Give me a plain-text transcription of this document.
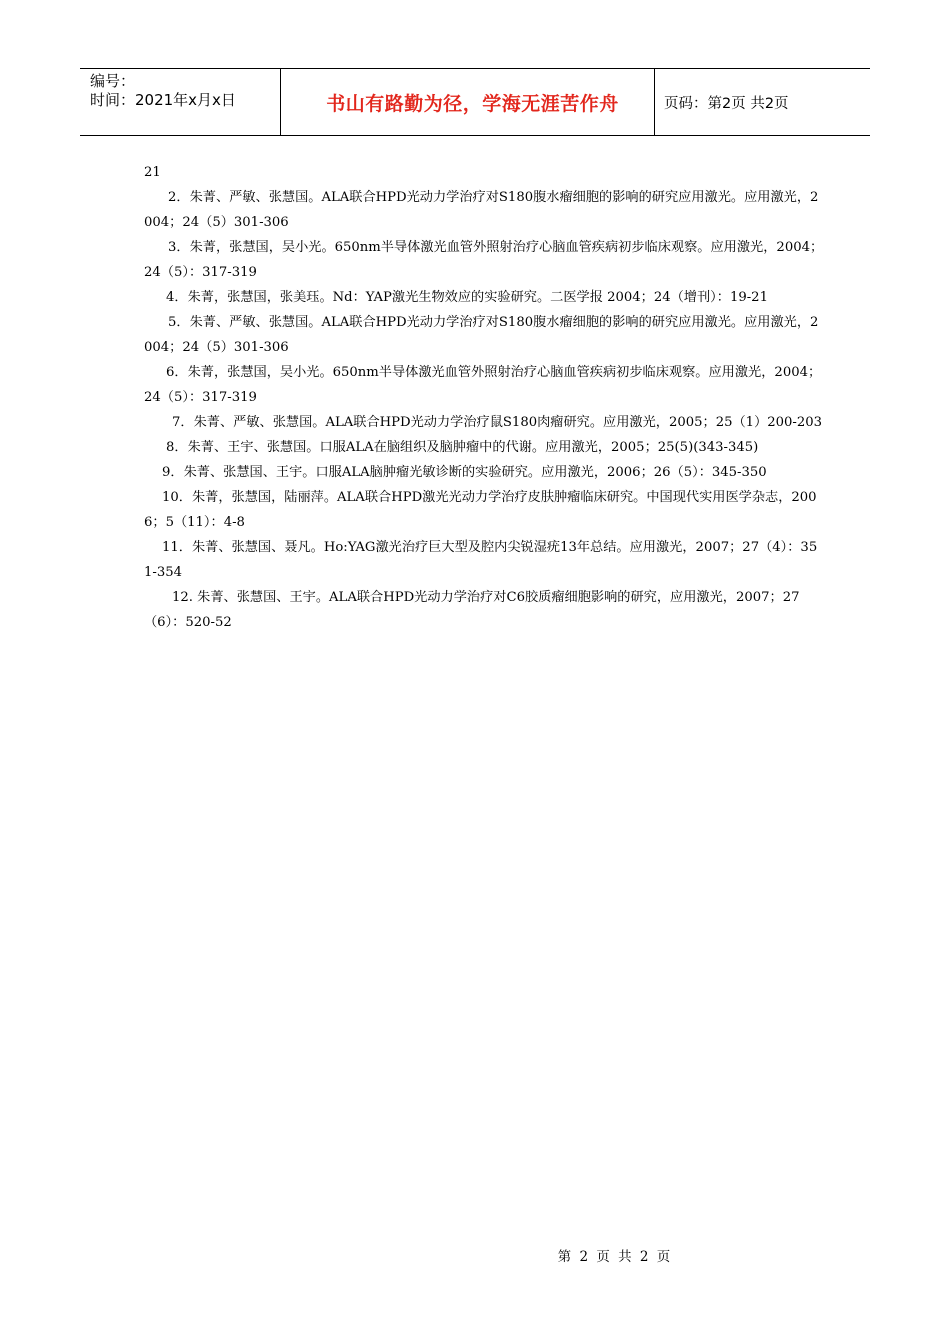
编号：
时间：2021年x月x日	书山有路勤为径，学海无涯苦作舟	页码：第2页 共2页

21

2．朱菁、严敏、张慧国。ALA联合HPD光动力学治疗对S180腹水瘤细胞的影响的研究应用激光。应用激光，2004；24（5）301-306

3．朱菁，张慧国，吴小光。650nm半导体激光血管外照射治疗心脑血管疾病初步临床观察。应用激光，2004；24（5）：317-319

4．朱菁，张慧国，张美珏。Nd：YAP激光生物效应的实验研究。二医学报 2004；24（增刊）：19-21

5．朱菁、严敏、张慧国。ALA联合HPD光动力学治疗对S180腹水瘤细胞的影响的研究应用激光。应用激光，2004；24（5）301-306

6．朱菁，张慧国，吴小光。650nm半导体激光血管外照射治疗心脑血管疾病初步临床观察。应用激光，2004；24（5）：317-319

7．朱菁、严敏、张慧国。ALA联合HPD光动力学治疗鼠S180肉瘤研究。应用激光，2005；25（1）200-203

8．朱菁、王宇、张慧国。口服ALA在脑组织及脑肿瘤中的代谢。应用激光，2005；25(5)(343-345)

9．朱菁、张慧国、王宇。口服ALA脑肿瘤光敏诊断的实验研究。应用激光，2006；26（5）：345-350

10．朱菁，张慧国，陆丽萍。ALA联合HPD激光光动力学治疗皮肤肿瘤临床研究。中国现代实用医学杂志，2006；5（11）：4-8

11．朱菁、张慧国、聂凡。Ho:YAG激光治疗巨大型及腔内尖锐湿疣13年总结。应用激光，2007；27（4）：351-354

12. 朱菁、张慧国、王宇。ALA联合HPD光动力学治疗对C6胶质瘤细胞影响的研究，应用激光，2007；27（6）：520-52

第 2 页 共 2 页
